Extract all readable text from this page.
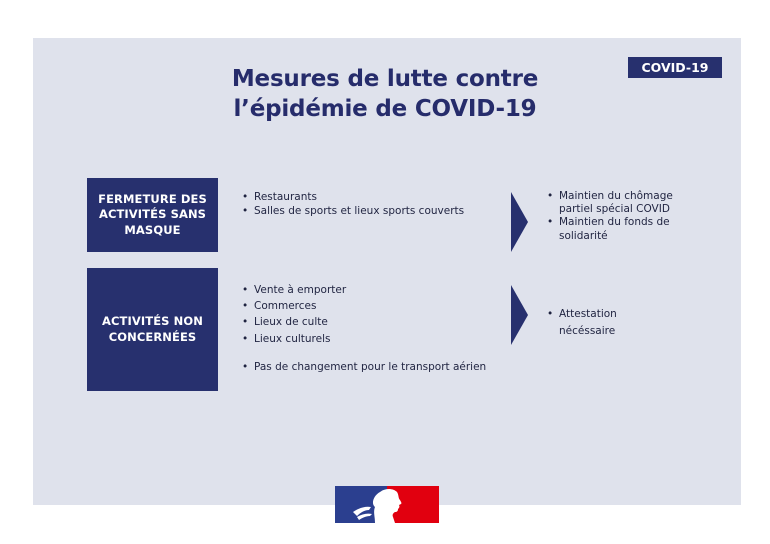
Mesures de lutte contre
l’épidémie de COVID-19
COVID-19
FERMETURE DES ACTIVITÉS SANS MASQUE
• Restaurants
• Salles de sports et lieux sports couverts
• Maintien du chômage partiel spécial COVID
• Maintien du fonds de solidarité
ACTIVITÉS NON CONCERNÉES
• Vente à emporter
• Commerces
• Lieux de culte
• Lieux culturels
• Pas de changement pour le transport aérien
• Attestation nécéssaire
